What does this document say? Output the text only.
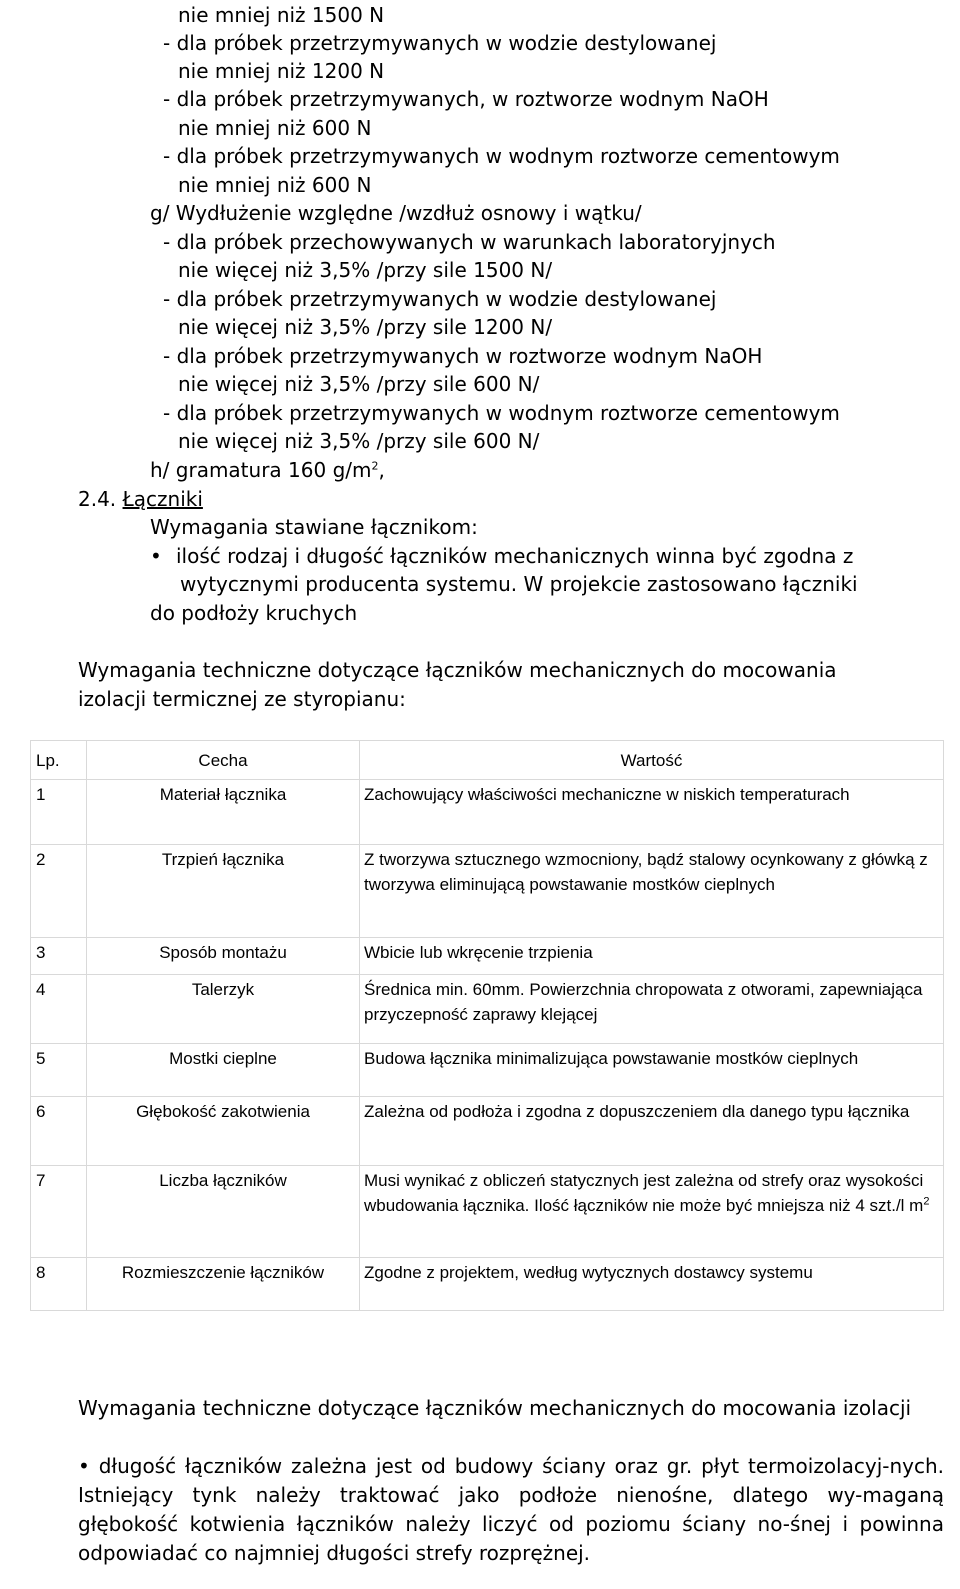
nie mniej niż 1500 N
- dla próbek przetrzymywanych w wodzie destylowanej
nie mniej niż 1200 N
- dla próbek przetrzymywanych, w roztworze wodnym NaOH
nie mniej niż 600 N
- dla próbek przetrzymywanych w wodnym roztworze cementowym
nie mniej niż 600 N
g/ Wydłużenie względne /wzdłuż osnowy i wątku/
- dla próbek przechowywanych w warunkach laboratoryjnych
nie więcej niż 3,5% /przy sile 1500 N/
- dla próbek przetrzymywanych w wodzie destylowanej
nie więcej niż 3,5% /przy sile 1200 N/
- dla próbek przetrzymywanych w roztworze wodnym NaOH
nie więcej niż 3,5% /przy sile 600 N/
- dla próbek przetrzymywanych w wodnym roztworze cementowym
nie więcej niż 3,5% /przy sile 600 N/
h/ gramatura 160 $g/m^2$,
2.4. Łączniki
Wymagania stawiane łącznikom:
• ilość rodzaj i długość łączników mechanicznych winna być zgodna z
wytycznymi producenta systemu. W projekcie zastosowano łączniki
do podłoży kruchych
Wymagania techniczne dotyczące łączników mechanicznych do mocowania
izolacji termicznej ze styropianu:
Lp.	Cecha	Wartość
1	Materiał łącznika	Zachowujący właściwości mechaniczne w niskich temperaturach
2	Trzpień łącznika	Z tworzywa sztucznego wzmocniony, bądź stalowy ocynkowany z główką z tworzywa eliminującą powstawanie mostków cieplnych
3	Sposób montażu	Wbicie lub wkręcenie trzpienia
4	Talerzyk	Średnica min. 60mm. Powierzchnia chropowata z otworami, zapewniająca przyczepność zaprawy klejącej
5	Mostki cieplne	Budowa łącznika minimalizująca powstawanie mostków cieplnych
6	Głębokość zakotwienia	Zależna od podłoża i zgodna z dopuszczeniem dla danego typu łącznika
7	Liczba łączników	Musi wynikać z obliczeń statycznych jest zależna od strefy oraz wysokości wbudowania łącznika. Ilość łączników nie może być mniejsza niż 4 szt./l $m^2$
8	Rozmieszczenie łączników	Zgodne z projektem, według wytycznych dostawcy systemu
Wymagania techniczne dotyczące łączników mechanicznych do mocowania izolacji
• długość łączników zależna jest od budowy ściany oraz gr. płyt termoizolacyj-nych. Istniejący tynk należy traktować jako podłoże nienośne, dlatego wy-maganą głębokość kotwienia łączników należy liczyć od poziomu ściany no-śnej i powinna odpowiadać co najmniej długości strefy rozprężnej.
